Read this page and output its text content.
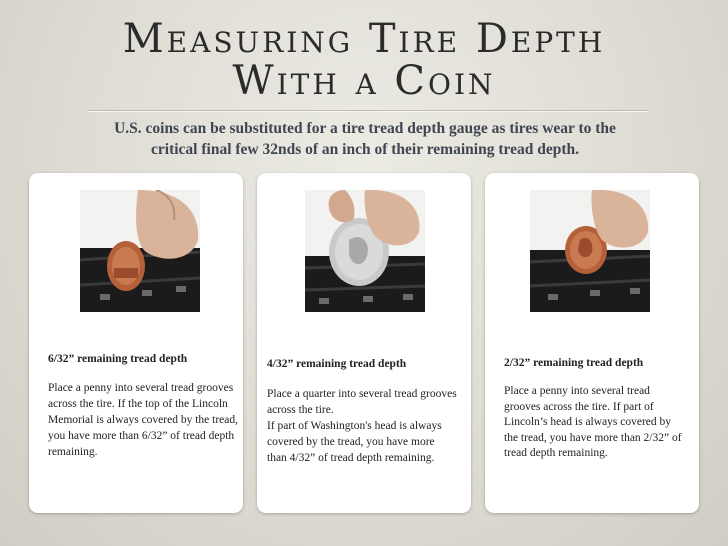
Measuring Tire Depth
With a Coin
U.S. coins can be substituted for a tire tread depth gauge as tires wear to the
critical final few 32nds of an inch of their remaining tread depth.
6/32” remaining tread depth
Place a penny into several tread grooves across the tire. If the top of the Lincoln Memorial is always covered by the tread, you have more than 6/32” of tread depth remaining.
4/32” remaining tread depth
Place a quarter into several tread grooves across the tire.
If part of Washington's head is always covered by the tread, you have more than 4/32” of tread depth remaining.
2/32” remaining tread depth
Place a penny into several tread grooves across the tire. If part of Lincoln’s head is always covered by the tread, you have more than 2/32” of tread depth remaining.
